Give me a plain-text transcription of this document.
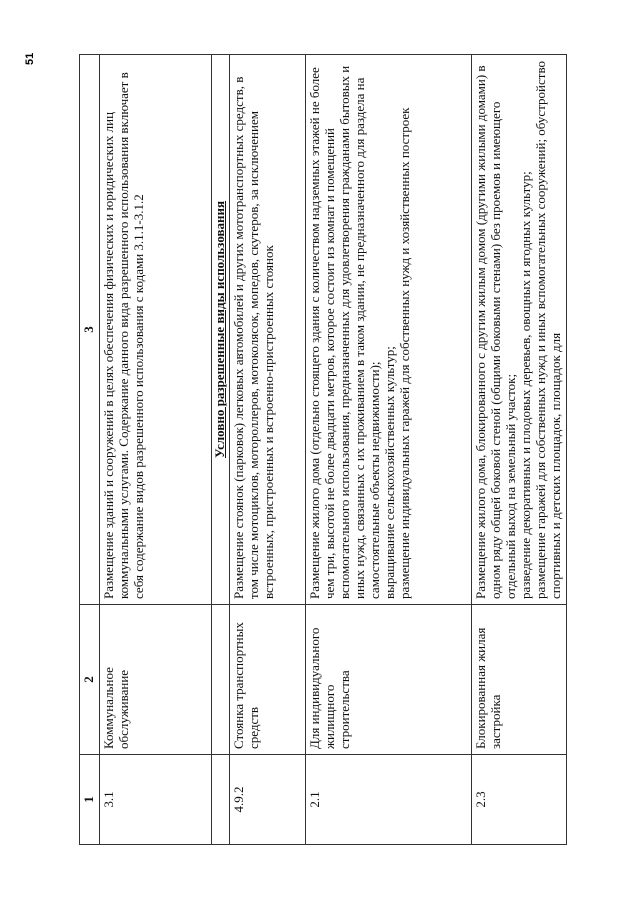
51
1	2	3
3.1	Коммунальное обслуживание	Размещение зданий и сооружений в целях обеспечения физических и юридических лиц коммунальными услугами. Содержание данного вида разрешенного использования включает в себя содержание видов разрешенного использования с кодами 3.1.1-3.1.2

		Условно разрешенные виды использования
4.9.2	Стоянка транспортных средств	Размещение стоянок (парковок) легковых автомобилей и других мототранспортных средств, в том числе мотоциклов, мотороллеров, мотоколясок, мопедов, скутеров, за исключением встроенных, пристроенных и встроенно-пристроенных стоянок

2.1	Для индивидуального жилищного строительства	Размещение жилого дома (отдельно стоящего здания с количеством надземных этажей не более чем три, высотой не более двадцати метров, которое состоит из комнат и помещений вспомогательного использования, предназначенных для удовлетворения гражданами бытовых и иных нужд, связанных с их проживанием в таком здании, не предназначенного для раздела на самостоятельные объекты недвижимости); выращивание сельскохозяйственных культур; размещение индивидуальных гаражей для собственных нужд и хозяйственных построек

2.3	Блокированная жилая застройка	Размещение жилого дома, блокированного с другим жилым домом (другими жилыми домами) в одном ряду общей боковой стеной (общими боковыми стенами) без проемов и имеющего отдельный выход на земельный участок; разведение декоративных и плодовых деревьев, овощных и ягодных культур; размещение гаражей для собственных нужд и иных вспомогательных сооружений; обустройство спортивных и детских площадок, площадок для
